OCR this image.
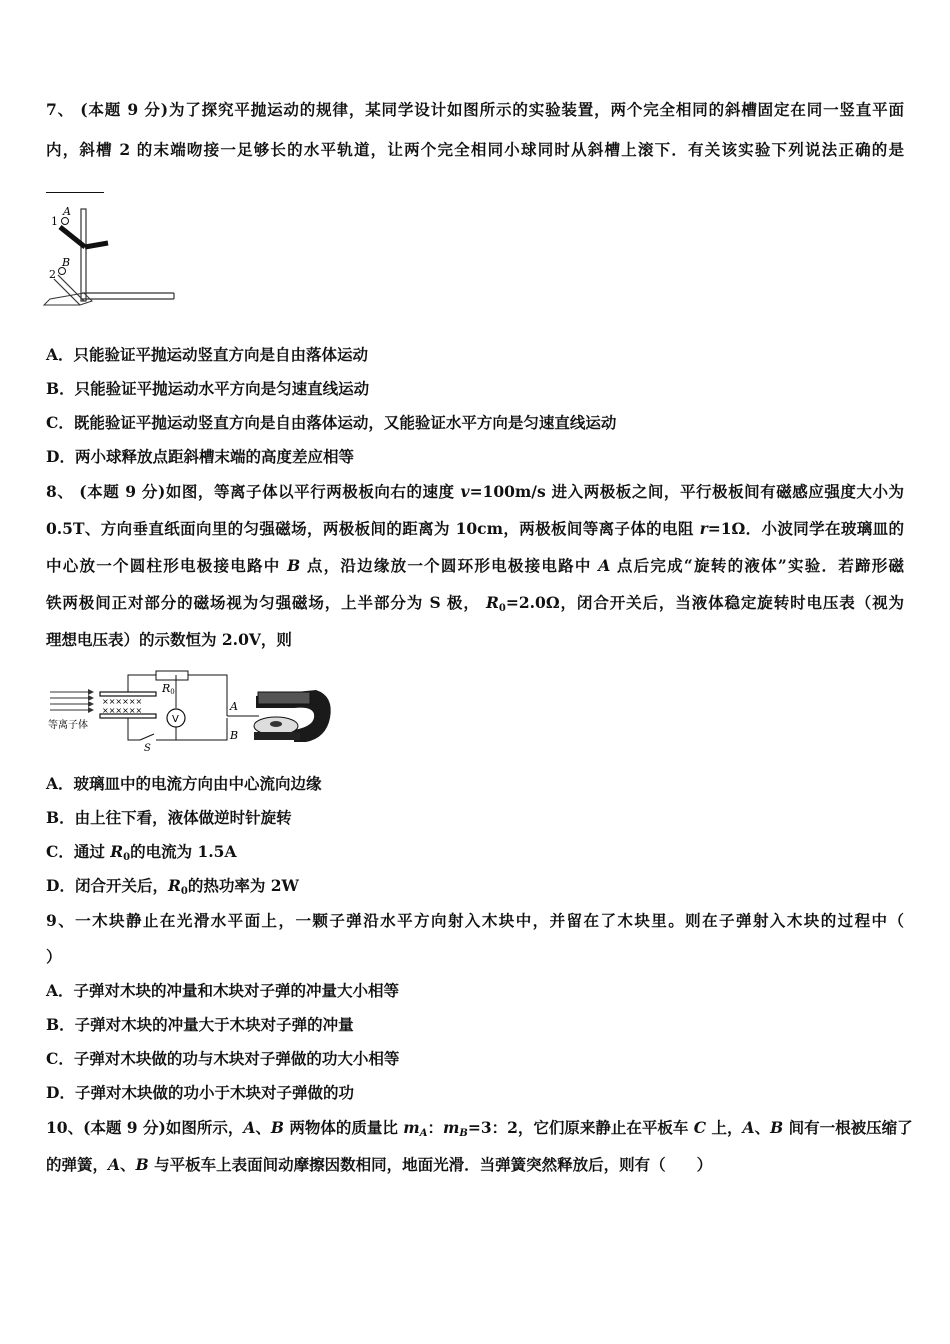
7、 (本题 9 分)为了探究平抛运动的规律，某同学设计如图所示的实验装置，两个完全相同的斜槽固定在同一竖直平面
内，斜槽 2 的末端吻接一足够长的水平轨道，让两个完全相同小球同时从斜槽上滚下．有关该实验下列说法正确的是
1
A
2
B
A．只能验证平抛运动竖直方向是自由落体运动
B．只能验证平抛运动水平方向是匀速直线运动
C．既能验证平抛运动竖直方向是自由落体运动，又能验证水平方向是匀速直线运动
D．两小球释放点距斜槽末端的高度差应相等
8、 (本题 9 分)如图，等离子体以平行两极板向右的速度 v=100m/s 进入两极板之间，平行极板间有磁感应强度大小为
0.5T、方向垂直纸面向里的匀强磁场，两极板间的距离为 10cm，两极板间等离子体的电阻 r=1Ω．小波同学在玻璃皿的
中心放一个圆柱形电极接电路中 B 点，沿边缘放一个圆环形电极接电路中 A 点后完成“旋转的液体”实验．若蹄形磁
铁两极间正对部分的磁场视为匀强磁场，上半部分为 S 极， $R_0=2.0\Omega$，闭合开关后，当液体稳定旋转时电压表（视为
理想电压表）的示数恒为 2.0V，则
××××××
××××××
等离子体
R0
S
V
A
B
A．玻璃皿中的电流方向由中心流向边缘
B．由上往下看，液体做逆时针旋转
C．通过 $R_0$的电流为 1.5A
D．闭合开关后，$R_0$的热功率为 2W
9、一木块静止在光滑水平面上，一颗子弹沿水平方向射入木块中，并留在了木块里。则在子弹射入木块的过程中（
）
A．子弹对木块的冲量和木块对子弹的冲量大小相等
B．子弹对木块的冲量大于木块对子弹的冲量
C．子弹对木块做的功与木块对子弹做的功大小相等
D．子弹对木块做的功小于木块对子弹做的功
10、(本题 9 分)如图所示，A、B 两物体的质量比 $m_A$：$m_B=3$：2，它们原来静止在平板车 C 上，A、B 间有一根被压缩了
的弹簧，A、B 与平板车上表面间动摩擦因数相同，地面光滑．当弹簧突然释放后，则有（　　）
